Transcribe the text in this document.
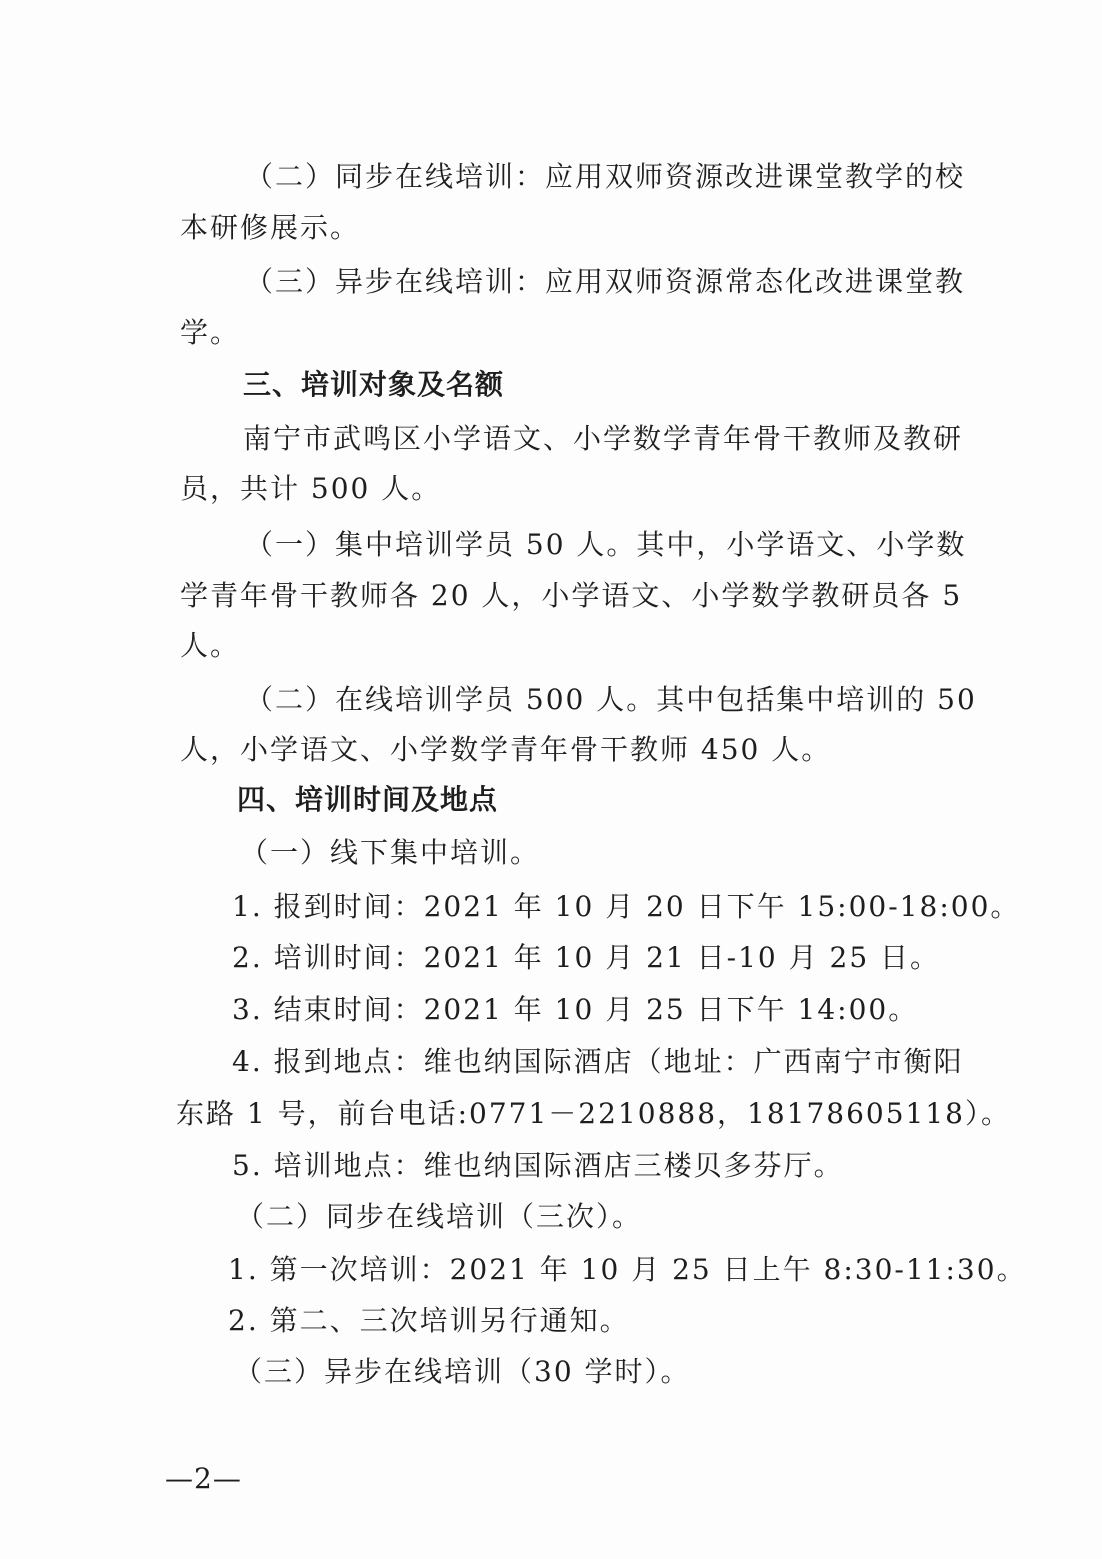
（二）同步在线培训：应用双师资源改进课堂教学的校
本研修展示。
（三）异步在线培训：应用双师资源常态化改进课堂教
学。
三、培训对象及名额
南宁市武鸣区小学语文、小学数学青年骨干教师及教研
员，共计 500 人。
（一）集中培训学员 50 人。其中，小学语文、小学数
学青年骨干教师各 20 人，小学语文、小学数学教研员各 5
人。
（二）在线培训学员 500 人。其中包括集中培训的 50
人，小学语文、小学数学青年骨干教师 450 人。
四、培训时间及地点
（一）线下集中培训。
1. 报到时间：2021 年 10 月 20 日下午 15:00-18:00。
2. 培训时间：2021 年 10 月 21 日-10 月 25 日。
3. 结束时间：2021 年 10 月 25 日下午 14:00。
4. 报到地点：维也纳国际酒店（地址：广西南宁市衡阳
东路 1 号，前台电话:0771－2210888，18178605118）。
5. 培训地点：维也纳国际酒店三楼贝多芬厅。
（二）同步在线培训（三次）。
1. 第一次培训：2021 年 10 月 25 日上午 8:30-11:30。
2. 第二、三次培训另行通知。
（三）异步在线培训（30 学时）。
—2—
